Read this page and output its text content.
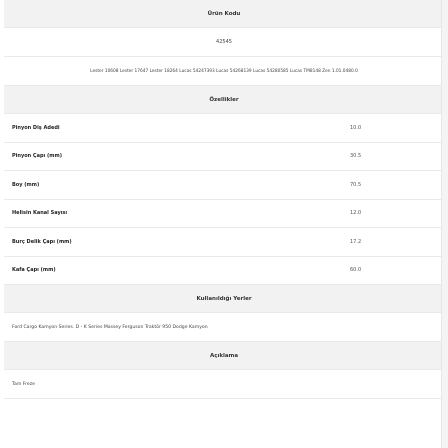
Ürün Kodu
42545
Lester 10608 Lester 17647 Lester 18264 Lucas 54247393 Lucas 54268139 Lucas 54280585 Lucas TM8148 Zen 1.01.0480.0
Özellikler
Pinyon Diş Adedi	10.0
Pinyon Çapı (mm)	30.5
Boy (mm)	70.5
Helisin Kanal Sayısı	12.0
Burç Delik Çapı (mm)	17.2
Kafa Çapı (mm)	60.0
Kullanıldığı Yerler
Ford Cargo Kamyon Series. D - K Series Massey Ferguson Traktör 950 Dodge Kamyon
Açıklama
Tam Freze
